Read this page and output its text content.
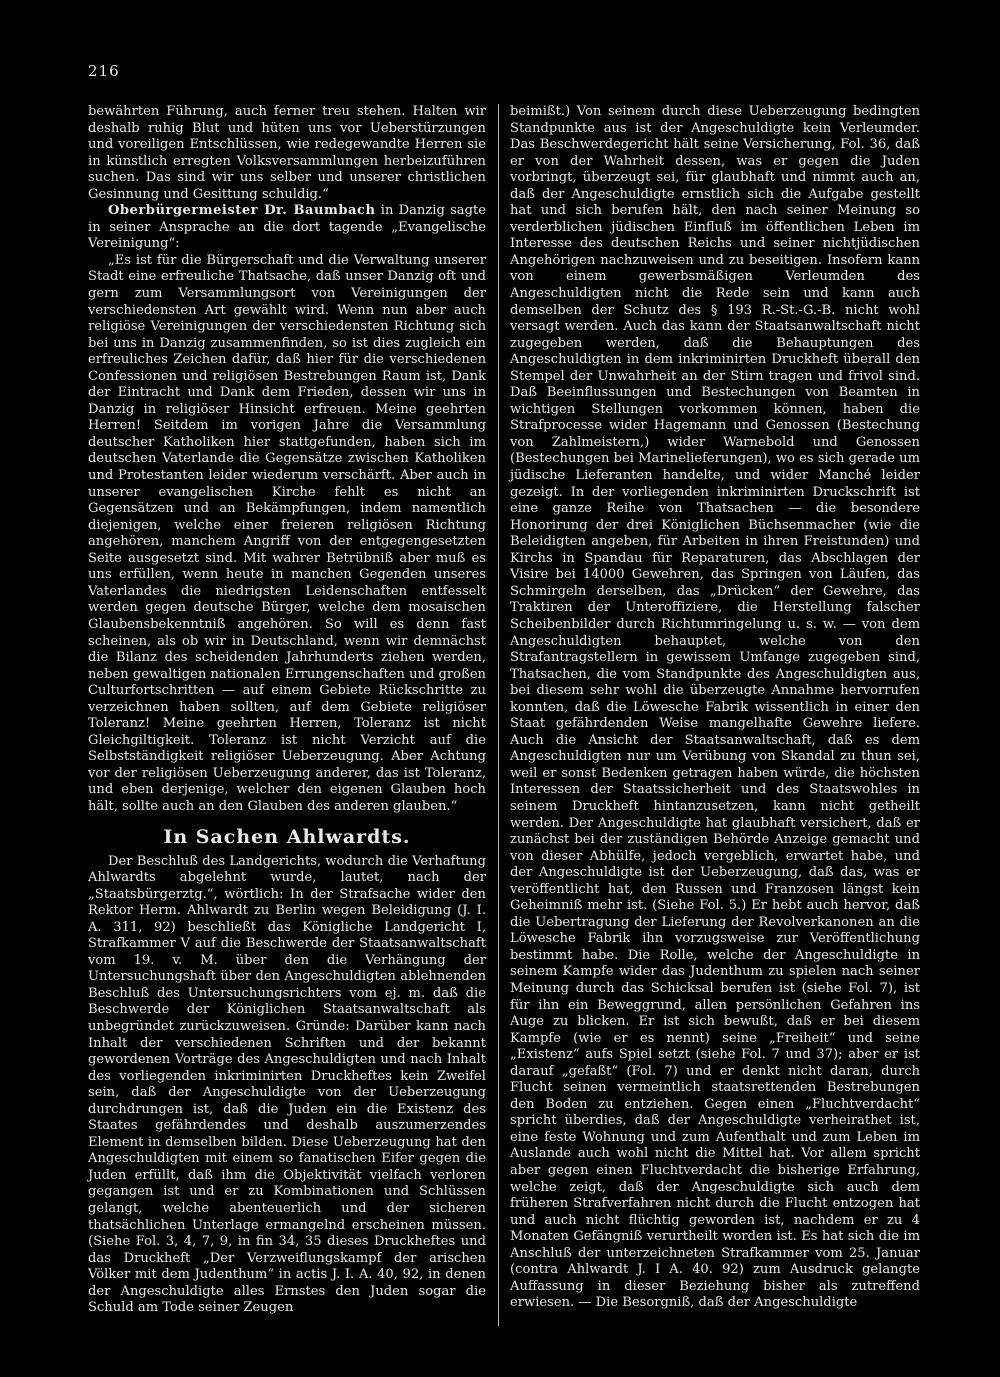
216

bewährten Führung, auch ferner treu stehen. Halten wir deshalb ruhig Blut und hüten uns vor Ueberstürzungen und voreiligen Entschlüssen, wie redegewandte Herren sie in künstlich erregten Volksversammlungen herbeizuführen suchen. Das sind wir uns selber und unserer christlichen Gesinnung und Gesittung schuldig.“

Oberbürgermeister Dr. Baumbach in Danzig sagte in seiner Ansprache an die dort tagende „Evangelische Vereinigung“:

„Es ist für die Bürgerschaft und die Verwaltung unserer Stadt eine erfreuliche Thatsache, daß unser Danzig oft und gern zum Versammlungsort von Vereinigungen der verschiedensten Art gewählt wird. Wenn nun aber auch religiöse Vereinigungen der verschiedensten Richtung sich bei uns in Danzig zusammenfinden, so ist dies zugleich ein erfreuliches Zeichen dafür, daß hier für die verschiedenen Confessionen und religiösen Bestrebungen Raum ist, Dank der Eintracht und Dank dem Frieden, dessen wir uns in Danzig in religiöser Hinsicht erfreuen. Meine geehrten Herren! Seitdem im vorigen Jahre die Versammlung deutscher Katholiken hier stattgefunden, haben sich im deutschen Vaterlande die Gegensätze zwischen Katholiken und Protestanten leider wiederum verschärft. Aber auch in unserer evangelischen Kirche fehlt es nicht an Gegensätzen und an Bekämpfungen, indem namentlich diejenigen, welche einer freieren religiösen Richtung angehören, manchem Angriff von der entgegengesetzten Seite ausgesetzt sind. Mit wahrer Betrübniß aber muß es uns erfüllen, wenn heute in manchen Gegenden unseres Vaterlandes die niedrigsten Leidenschaften entfesselt werden gegen deutsche Bürger, welche dem mosaischen Glaubensbekenntniß angehören. So will es denn fast scheinen, als ob wir in Deutschland, wenn wir demnächst die Bilanz des scheidenden Jahrhunderts ziehen werden, neben gewaltigen nationalen Errungenschaften und großen Culturfortschritten — auf einem Gebiete Rückschritte zu verzeichnen haben sollten, auf dem Gebiete religiöser Toleranz! Meine geehrten Herren, Toleranz ist nicht Gleichgiltigkeit. Toleranz ist nicht Verzicht auf die Selbstständigkeit religiöser Ueberzeugung. Aber Achtung vor der religiösen Ueberzeugung anderer, das ist Toleranz, und eben derjenige, welcher den eigenen Glauben hoch hält, sollte auch an den Glauben des anderen glauben.“

In Sachen Ahlwardts.

Der Beschluß des Landgerichts, wodurch die Verhaftung Ahlwardts abgelehnt wurde, lautet, nach der „Staatsbürgerztg.“, wörtlich: In der Strafsache wider den Rektor Herm. Ahlwardt zu Berlin wegen Beleidigung (J. I. A. 311, 92) beschließt das Königliche Landgericht I, Strafkammer V auf die Beschwerde der Staatsanwaltschaft vom 19. v. M. über den die Verhängung der Untersuchungshaft über den Angeschuldigten ablehnenden Beschluß des Untersuchungsrichters vom ej. m. daß die Beschwerde der Königlichen Staatsanwaltschaft als unbegründet zurückzuweisen. Gründe: Darüber kann nach Inhalt der verschiedenen Schriften und der bekannt gewordenen Vorträge des Angeschuldigten und nach Inhalt des vorliegenden inkriminirten Druckheftes kein Zweifel sein, daß der Angeschuldigte von der Ueberzeugung durchdrungen ist, daß die Juden ein die Existenz des Staates gefährdendes und deshalb auszumerzendes Element in demselben bilden. Diese Ueberzeugung hat den Angeschuldigten mit einem so fanatischen Eifer gegen die Juden erfüllt, daß ihm die Objektivität vielfach verloren gegangen ist und er zu Kombinationen und Schlüssen gelangt, welche abenteuerlich und der sicheren thatsächlichen Unterlage ermangelnd erscheinen müssen. (Siehe Fol. 3, 4, 7, 9, in fin 34, 35 dieses Druckheftes und das Druckheft „Der Verzweiflungskampf der arischen Völker mit dem Judenthum“ in actis J. I. A. 40, 92, in denen der Angeschuldigte alles Ernstes den Juden sogar die Schuld am Tode seiner Zeugen

beimißt.) Von seinem durch diese Ueberzeugung bedingten Standpunkte aus ist der Angeschuldigte kein Verleumder. Das Beschwerdegericht hält seine Versicherung, Fol. 36, daß er von der Wahrheit dessen, was er gegen die Juden vorbringt, überzeugt sei, für glaubhaft und nimmt auch an, daß der Angeschuldigte ernstlich sich die Aufgabe gestellt hat und sich berufen hält, den nach seiner Meinung so verderblichen jüdischen Einfluß im öffentlichen Leben im Interesse des deutschen Reichs und seiner nichtjüdischen Angehörigen nachzuweisen und zu beseitigen. Insofern kann von einem gewerbsmäßigen Verleumden des Angeschuldigten nicht die Rede sein und kann auch demselben der Schutz des § 193 R.-St.-G.-B. nicht wohl versagt werden. Auch das kann der Staatsanwaltschaft nicht zugegeben werden, daß die Behauptungen des Angeschuldigten in dem inkriminirten Druckheft überall den Stempel der Unwahrheit an der Stirn tragen und frivol sind. Daß Beeinflussungen und Bestechungen von Beamten in wichtigen Stellungen vorkommen können, haben die Strafprocesse wider Hagemann und Genossen (Bestechung von Zahlmeistern,) wider Warnebold und Genossen (Bestechungen bei Marinelieferungen), wo es sich gerade um jüdische Lieferanten handelte, und wider Manché leider gezeigt. In der vorliegenden inkriminirten Druckschrift ist eine ganze Reihe von Thatsachen — die besondere Honorirung der drei Königlichen Büchsenmacher (wie die Beleidigten angeben, für Arbeiten in ihren Freistunden) und Kirchs in Spandau für Reparaturen, das Abschlagen der Visire bei 14000 Gewehren, das Springen von Läufen, das Schmirgeln derselben, das „Drücken“ der Gewehre, das Traktiren der Unteroffiziere, die Herstellung falscher Scheibenbilder durch Richtumringelung u. s. w. — von dem Angeschuldigten behauptet, welche von den Strafantragstellern in gewissem Umfange zugegeben sind, Thatsachen, die vom Standpunkte des Angeschuldigten aus, bei diesem sehr wohl die überzeugte Annahme hervorrufen konnten, daß die Löwesche Fabrik wissentlich in einer den Staat gefährdenden Weise mangelhafte Gewehre liefere. Auch die Ansicht der Staatsanwaltschaft, daß es dem Angeschuldigten nur um Verübung von Skandal zu thun sei, weil er sonst Bedenken getragen haben würde, die höchsten Interessen der Staatssicherheit und des Staatswohles in seinem Druckheft hintanzusetzen, kann nicht getheilt werden. Der Angeschuldigte hat glaubhaft versichert, daß er zunächst bei der zuständigen Behörde Anzeige gemacht und von dieser Abhülfe, jedoch vergeblich, erwartet habe, und der Angeschuldigte ist der Ueberzeugung, daß das, was er veröffentlicht hat, den Russen und Franzosen längst kein Geheimniß mehr ist. (Siehe Fol. 5.) Er hebt auch hervor, daß die Uebertragung der Lieferung der Revolverkanonen an die Löwesche Fabrik ihn vorzugsweise zur Veröffentlichung bestimmt habe. Die Rolle, welche der Angeschuldigte in seinem Kampfe wider das Judenthum zu spielen nach seiner Meinung durch das Schicksal berufen ist (siehe Fol. 7), ist für ihn ein Beweggrund, allen persönlichen Gefahren ins Auge zu blicken. Er ist sich bewußt, daß er bei diesem Kampfe (wie er es nennt) seine „Freiheit“ und seine „Existenz“ aufs Spiel setzt (siehe Fol. 7 und 37); aber er ist darauf „gefaßt“ (Fol. 7) und er denkt nicht daran, durch Flucht seinen vermeintlich staatsrettenden Bestrebungen den Boden zu entziehen. Gegen einen „Fluchtverdacht“ spricht überdies, daß der Angeschuldigte verheirathet ist, eine feste Wohnung und zum Aufenthalt und zum Leben im Auslande auch wohl nicht die Mittel hat. Vor allem spricht aber gegen einen Fluchtverdacht die bisherige Erfahrung, welche zeigt, daß der Angeschuldigte sich auch dem früheren Strafverfahren nicht durch die Flucht entzogen hat und auch nicht flüchtig geworden ist, nachdem er zu 4 Monaten Gefängniß verurtheilt worden ist. Es hat sich die im Anschluß der unterzeichneten Strafkammer vom 25. Januar (contra Ahlwardt J. I A. 40. 92) zum Ausdruck gelangte Auffassung in dieser Beziehung bisher als zutreffend erwiesen. — Die Besorgniß, daß der Angeschuldigte
